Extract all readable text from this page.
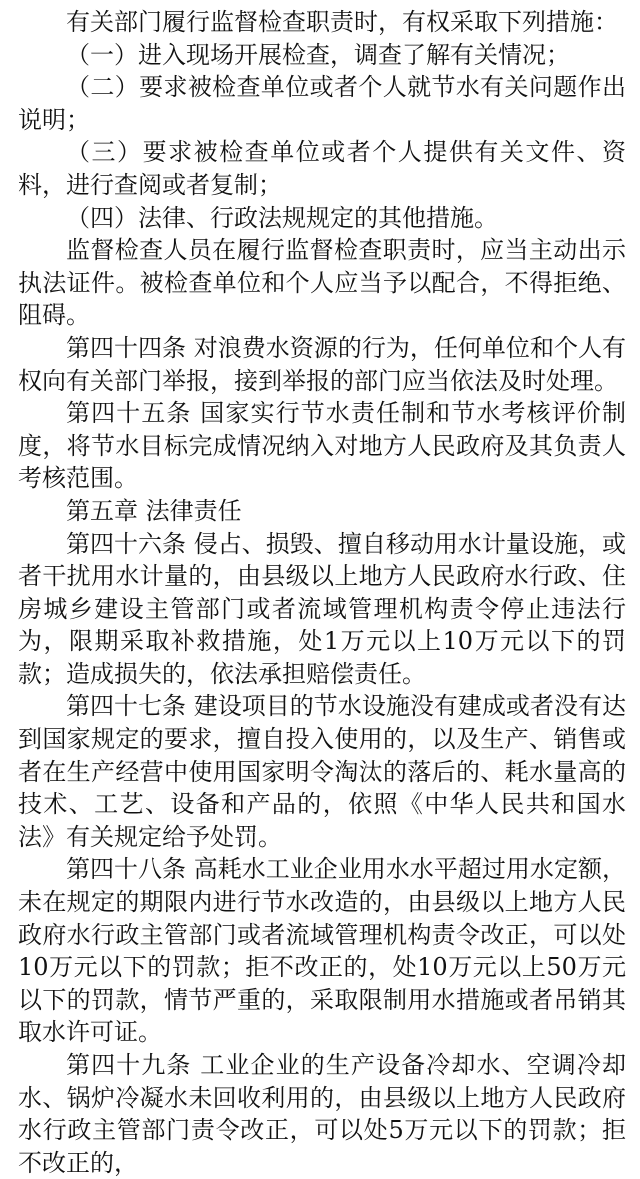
有关部门履行监督检查职责时，有权采取下列措施：

（一）进入现场开展检查，调查了解有关情况；

（二）要求被检查单位或者个人就节水有关问题作出说明；

（三）要求被检查单位或者个人提供有关文件、资料，进行查阅或者复制；

（四）法律、行政法规规定的其他措施。

监督检查人员在履行监督检查职责时，应当主动出示执法证件。被检查单位和个人应当予以配合，不得拒绝、阻碍。

第四十四条 对浪费水资源的行为，任何单位和个人有权向有关部门举报，接到举报的部门应当依法及时处理。

第四十五条 国家实行节水责任制和节水考核评价制度，将节水目标完成情况纳入对地方人民政府及其负责人考核范围。

第五章 法律责任

第四十六条 侵占、损毁、擅自移动用水计量设施，或者干扰用水计量的，由县级以上地方人民政府水行政、住房城乡建设主管部门或者流域管理机构责令停止违法行为，限期采取补救措施，处1万元以上10万元以下的罚款；造成损失的，依法承担赔偿责任。

第四十七条 建设项目的节水设施没有建成或者没有达到国家规定的要求，擅自投入使用的，以及生产、销售或者在生产经营中使用国家明令淘汰的落后的、耗水量高的技术、工艺、设备和产品的，依照《中华人民共和国水法》有关规定给予处罚。

第四十八条 高耗水工业企业用水水平超过用水定额，未在规定的期限内进行节水改造的，由县级以上地方人民政府水行政主管部门或者流域管理机构责令改正，可以处10万元以下的罚款；拒不改正的，处10万元以上50万元以下的罚款，情节严重的，采取限制用水措施或者吊销其取水许可证。

第四十九条 工业企业的生产设备冷却水、空调冷却水、锅炉冷凝水未回收利用的，由县级以上地方人民政府水行政主管部门责令改正，可以处5万元以下的罚款；拒不改正的，
